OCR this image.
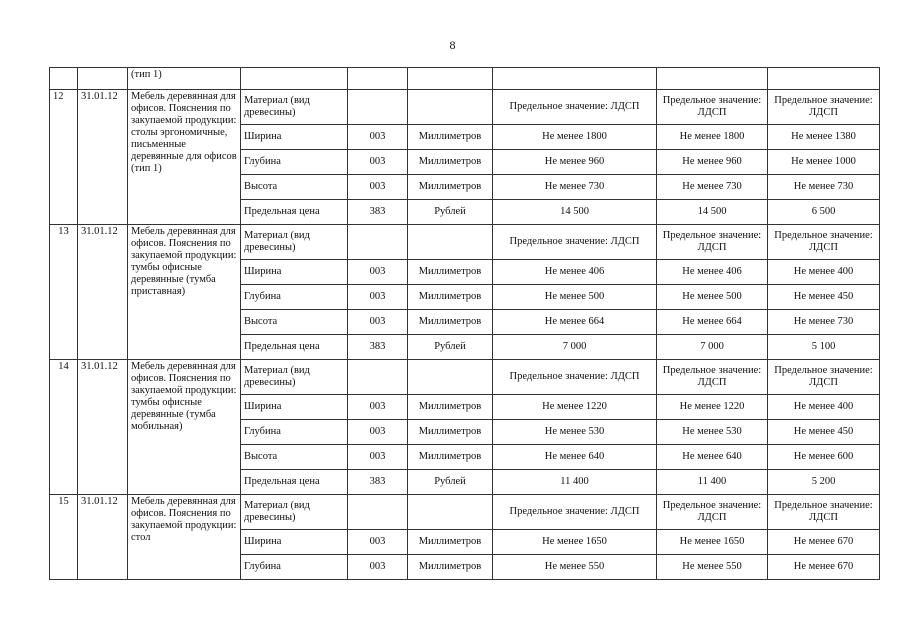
8
		(тип 1)						
12	31.01.12	Мебель деревянная для офисов. Пояснения по закупаемой продукции: столы эргономичные, письменные деревянные для офисов (тип 1)	Материал (вид древесины)			Предельное значение: ЛДСП	Предельное значение: ЛДСП	Предельное значение: ЛДСП
			Ширина	003	Миллиметров	Не менее 1800	Не менее 1800	Не менее 1380
			Глубина	003	Миллиметров	Не менее 960	Не менее 960	Не менее 1000
			Высота	003	Миллиметров	Не менее 730	Не менее 730	Не менее 730
			Предельная цена	383	Рублей	14 500	14 500	6 500
13	31.01.12	Мебель деревянная для офисов. Пояснения по закупаемой продукции: тумбы офисные деревянные (тумба приставная)	Материал (вид древесины)			Предельное значение: ЛДСП	Предельное значение: ЛДСП	Предельное значение: ЛДСП
			Ширина	003	Миллиметров	Не менее 406	Не менее 406	Не менее 400
			Глубина	003	Миллиметров	Не менее 500	Не менее 500	Не менее 450
			Высота	003	Миллиметров	Не менее 664	Не менее 664	Не менее 730
			Предельная цена	383	Рублей	7 000	7 000	5 100
14	31.01.12	Мебель деревянная для офисов. Пояснения по закупаемой продукции: тумбы офисные деревянные (тумба мобильная)	Материал (вид древесины)			Предельное значение: ЛДСП	Предельное значение: ЛДСП	Предельное значение: ЛДСП
			Ширина	003	Миллиметров	Не менее 1220	Не менее 1220	Не менее 400
			Глубина	003	Миллиметров	Не менее 530	Не менее 530	Не менее 450
			Высота	003	Миллиметров	Не менее 640	Не менее 640	Не менее 600
			Предельная цена	383	Рублей	11 400	11 400	5 200
15	31.01.12	Мебель деревянная для офисов. Пояснения по закупаемой продукции: стол	Материал (вид древесины)			Предельное значение: ЛДСП	Предельное значение: ЛДСП	Предельное значение: ЛДСП
			Ширина	003	Миллиметров	Не менее 1650	Не менее 1650	Не менее 670
			Глубина	003	Миллиметров	Не менее 550	Не менее 550	Не менее 670
